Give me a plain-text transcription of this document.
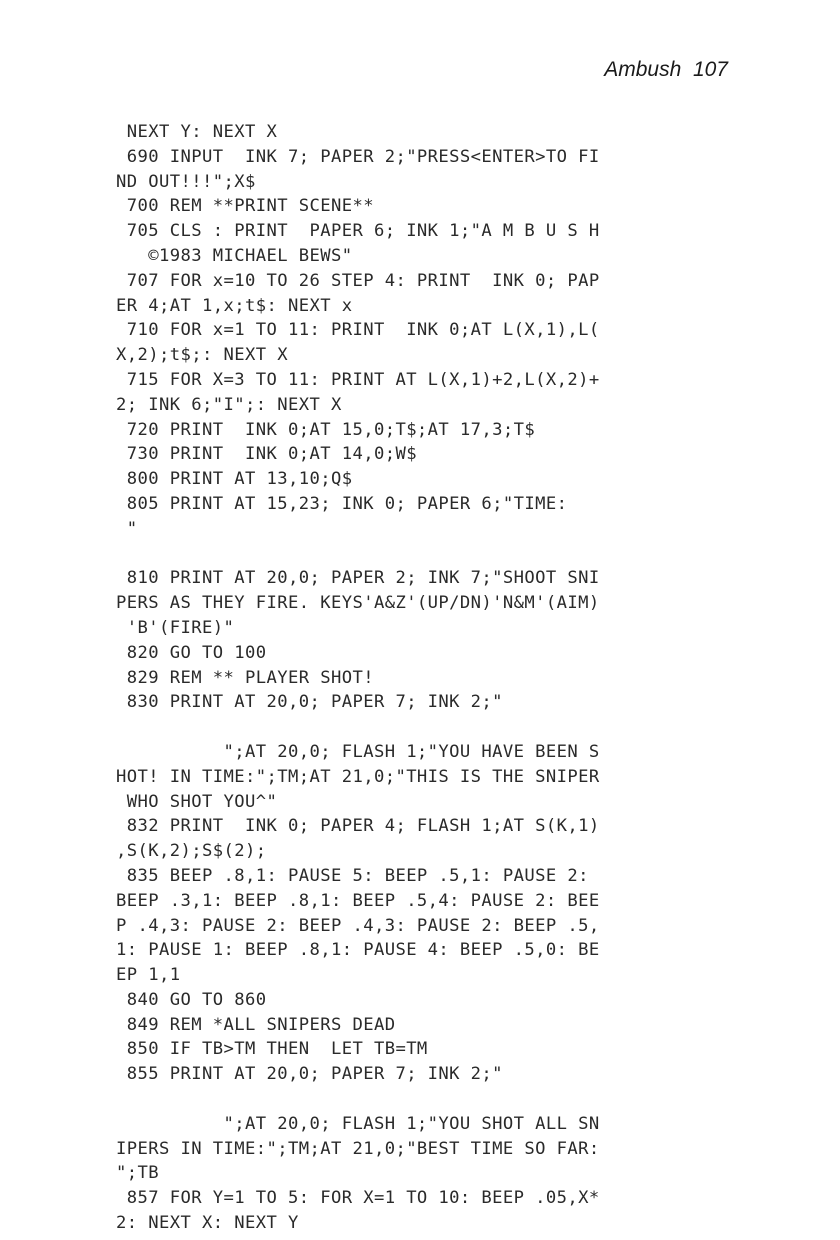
Ambush 107
NEXT Y: NEXT X
690 INPUT  INK 7; PAPER 2;"PRESS<ENTER>TO FI
ND OUT!!!";X$
700 REM **PRINT SCENE**
705 CLS : PRINT  PAPER 6; INK 1;"A M B U S H
©1983 MICHAEL BEWS"
707 FOR x=10 TO 26 STEP 4: PRINT  INK 0; PAP
ER 4;AT 1,x;t$: NEXT x
710 FOR x=1 TO 11: PRINT  INK 0;AT L(X,1),L(
X,2);t$;: NEXT X
715 FOR X=3 TO 11: PRINT AT L(X,1)+2,L(X,2)+
2; INK 6;"I";: NEXT X
720 PRINT  INK 0;AT 15,0;T$;AT 17,3;T$
730 PRINT  INK 0;AT 14,0;W$
800 PRINT AT 13,10;Q$
805 PRINT AT 15,23; INK 0; PAPER 6;"TIME:
"
810 PRINT AT 20,0; PAPER 2; INK 7;"SHOOT SNI
PERS AS THEY FIRE. KEYS'A&Z'(UP/DN)'N&M'(AIM)
'B'(FIRE)"
820 GO TO 100
829 REM ** PLAYER SHOT!
830 PRINT AT 20,0; PAPER 7; INK 2;"
";AT 20,0; FLASH 1;"YOU HAVE BEEN S
HOT! IN TIME:";TM;AT 21,0;"THIS IS THE SNIPER
WHO SHOT YOU^"
832 PRINT  INK 0; PAPER 4; FLASH 1;AT S(K,1)
,S(K,2);S$(2);
835 BEEP .8,1: PAUSE 5: BEEP .5,1: PAUSE 2:
BEEP .3,1: BEEP .8,1: BEEP .5,4: PAUSE 2: BEE
P .4,3: PAUSE 2: BEEP .4,3: PAUSE 2: BEEP .5,
1: PAUSE 1: BEEP .8,1: PAUSE 4: BEEP .5,0: BE
EP 1,1
840 GO TO 860
849 REM *ALL SNIPERS DEAD
850 IF TB>TM THEN  LET TB=TM
855 PRINT AT 20,0; PAPER 7; INK 2;"
";AT 20,0; FLASH 1;"YOU SHOT ALL SN
IPERS IN TIME:";TM;AT 21,0;"BEST TIME SO FAR:
";TB
857 FOR Y=1 TO 5: FOR X=1 TO 10: BEEP .05,X*
2: NEXT X: NEXT Y
